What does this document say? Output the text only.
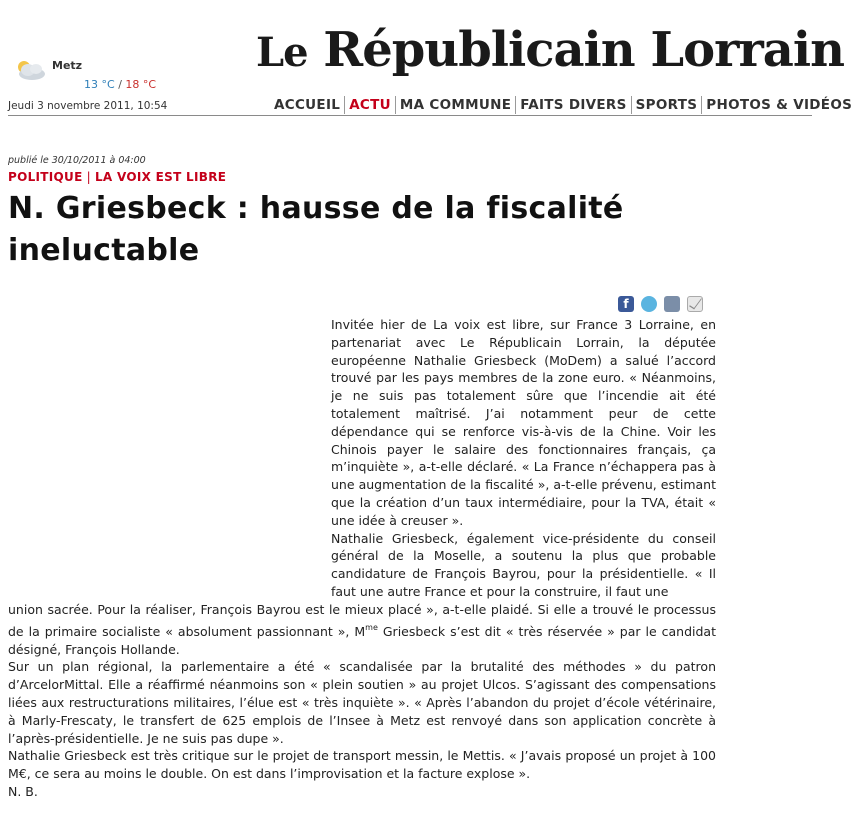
Metz
13 °C / 18 °C
Jeudi 3 novembre 2011, 10:54
Le Républicain Lorrain
ACCUEIL ACTU MA COMMUNE FAITS DIVERS SPORTS PHOTOS & VIDÉOS
publié le 30/10/2011 à 04:00
POLITIQUE | LA VOIX EST LIBRE
N. Griesbeck : hausse de la fiscalité ineluctable
f

Invitée hier de La voix est libre, sur France 3 Lorraine, en partenariat avec Le Républicain Lorrain, la députée européenne Nathalie Griesbeck (MoDem) a salué l’accord trouvé par les pays membres de la zone euro. « Néanmoins, je ne suis pas totalement sûre que l’incendie ait été totalement maîtrisé. J’ai notamment peur de cette dépendance qui se renforce vis-à-vis de la Chine. Voir les Chinois payer le salaire des fonctionnaires français, ça m’inquiète », a-t-elle déclaré. « La France n’échappera pas à une augmentation de la fiscalité », a-t-elle prévenu, estimant que la création d’un taux intermédiaire, pour la TVA, était « une idée à creuser ».

Nathalie Griesbeck, également vice-présidente du conseil général de la Moselle, a soutenu la plus que probable candidature de François Bayrou, pour la présidentielle. « Il faut une autre France et pour la construire, il faut une

union sacrée. Pour la réaliser, François Bayrou est le mieux placé », a-t-elle plaidé. Si elle a trouvé le processus de la primaire socialiste « absolument passionnant », $M^{me}$ Griesbeck s’est dit « très réservée » par le candidat désigné, François Hollande.

Sur un plan régional, la parlementaire a été « scandalisée par la brutalité des méthodes » du patron d’ArcelorMittal. Elle a réaffirmé néanmoins son « plein soutien » au projet Ulcos. S’agissant des compensations liées aux restructurations militaires, l’élue est « très inquiète ». « Après l’abandon du projet d’école vétérinaire, à Marly-Frescaty, le transfert de 625 emplois de l’Insee à Metz est renvoyé dans son application concrète à l’après-présidentielle. Je ne suis pas dupe ».

Nathalie Griesbeck est très critique sur le projet de transport messin, le Mettis. « J’avais proposé un projet à 100 M€, ce sera au moins le double. On est dans l’improvisation et la facture explose ».

N. B.
